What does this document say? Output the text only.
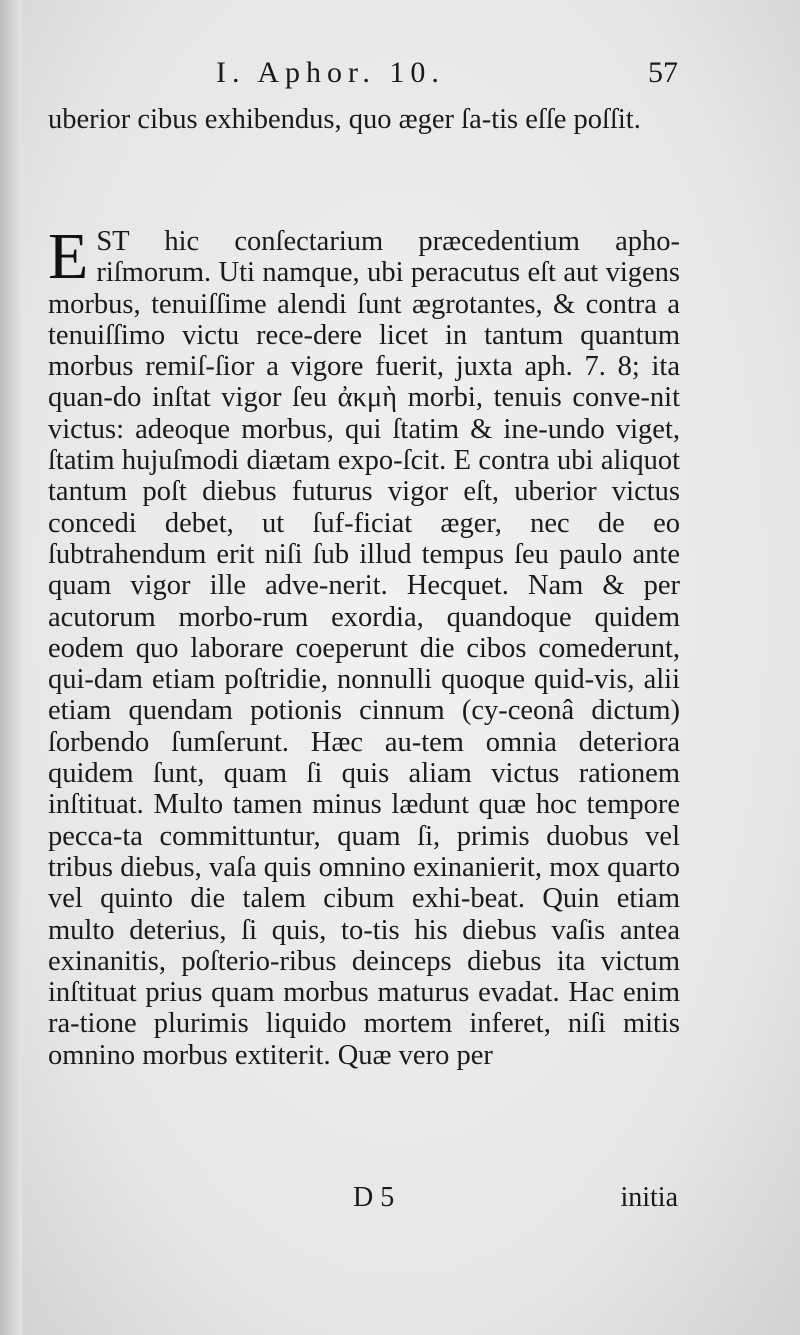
I. Aphor. 10.	57

uberior cibus exhibendus, quo æger ſa-tis eſſe poſſit.

EST hic conſectarium præcedentium apho-riſmorum. Uti namque, ubi peracutus eſt aut vigens morbus, tenuiſſime alendi ſunt ægrotantes, & contra a tenuiſſimo victu rece-dere licet in tantum quantum morbus remiſ-ſior a vigore fuerit, juxta aph. 7. 8; ita quan-do inſtat vigor ſeu ἀκμὴ morbi, tenuis conve-nit victus: adeoque morbus, qui ſtatim & ine-undo viget, ſtatim hujuſmodi diætam expo-ſcit. E contra ubi aliquot tantum poſt diebus futurus vigor eſt, uberior victus concedi debet, ut ſuf-ficiat æger, nec de eo ſubtrahendum erit niſi ſub illud tempus ſeu paulo ante quam vigor ille adve-nerit. Hecquet. Nam & per acutorum morbo-rum exordia, quandoque quidem eodem quo laborare coeperunt die cibos comederunt, qui-dam etiam poſtridie, nonnulli quoque quid-vis, alii etiam quendam potionis cinnum (cy-ceonâ dictum) ſorbendo ſumſerunt. Hæc au-tem omnia deteriora quidem ſunt, quam ſi quis aliam victus rationem inſtituat. Multo tamen minus lædunt quæ hoc tempore pecca-ta committuntur, quam ſi, primis duobus vel tribus diebus, vaſa quis omnino exinanierit, mox quarto vel quinto die talem cibum exhi-beat. Quin etiam multo deterius, ſi quis, to-tis his diebus vaſis antea exinanitis, poſterio-ribus deinceps diebus ita victum inſtituat prius quam morbus maturus evadat. Hac enim ra-tione plurimis liquido mortem inferet, niſi mitis omnino morbus extiterit. Quæ vero per

D 5	initia
